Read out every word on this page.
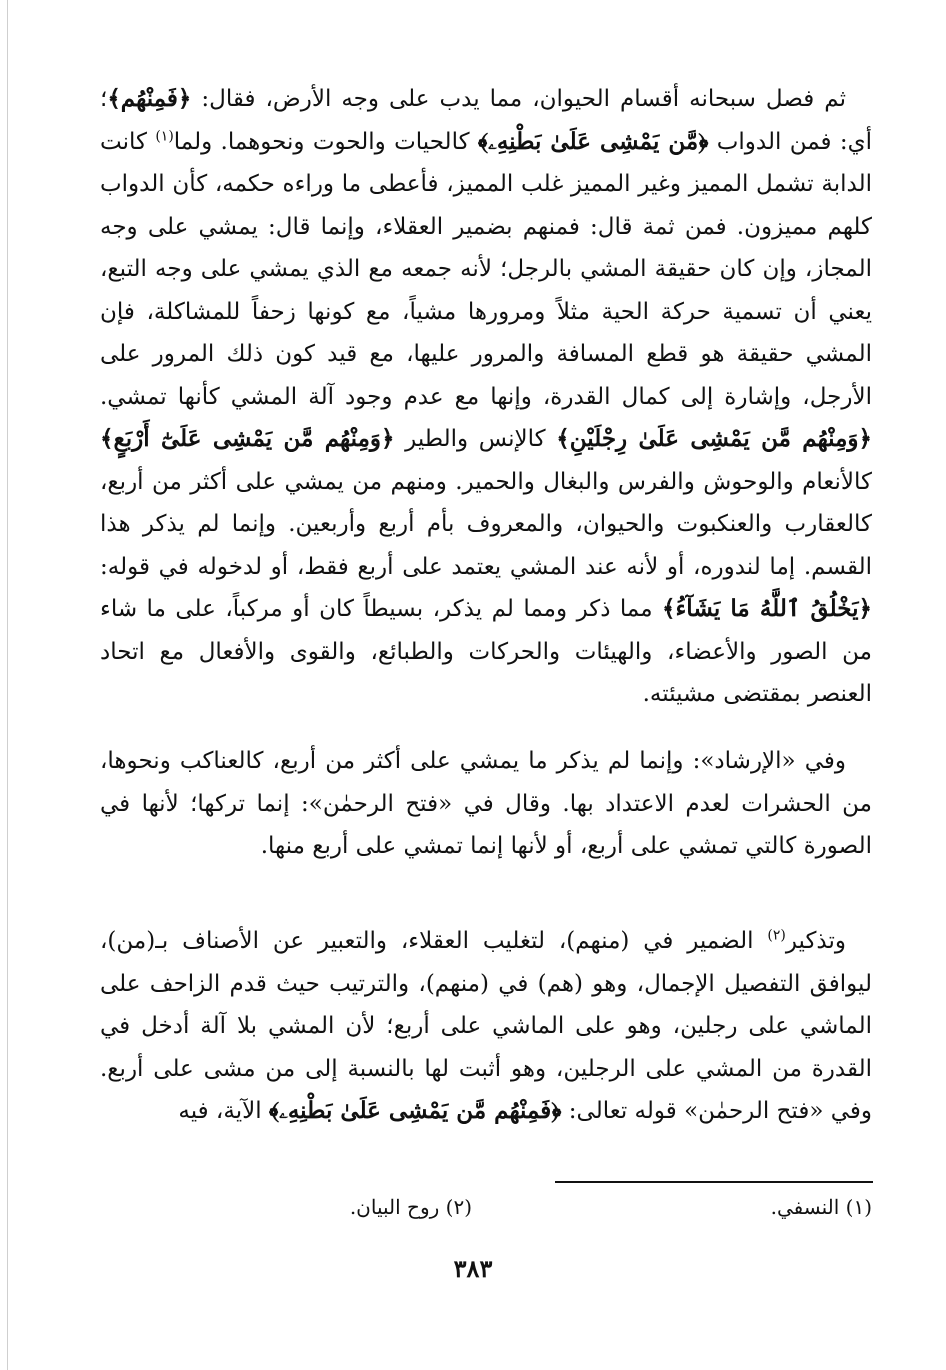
ثم فصل سبحانه أقسام الحيوان، مما يدب على وجه الأرض، فقال: ﴿فَمِنْهُم﴾؛ أي: فمن الدواب ﴿مَّن يَمْشِى عَلَىٰ بَطْنِهِۦ﴾ كالحيات والحوت ونحوهما. ولما$^{(١)}$ كانت الدابة تشمل المميز وغير المميز غلب المميز، فأعطى ما وراءه حكمه، كأن الدواب كلهم مميزون. فمن ثمة قال: فمنهم بضمير العقلاء، وإنما قال: يمشي على وجه المجاز، وإن كان حقيقة المشي بالرجل؛ لأنه جمعه مع الذي يمشي على وجه التبع، يعني أن تسمية حركة الحية مثلاً ومرورها مشياً، مع كونها زحفاً للمشاكلة، فإن المشي حقيقة هو قطع المسافة والمرور عليها، مع قيد كون ذلك المرور على الأرجل، وإشارة إلى كمال القدرة، وإنها مع عدم وجود آلة المشي كأنها تمشي. ﴿وَمِنْهُم مَّن يَمْشِى عَلَىٰ رِجْلَيْنِ﴾ كالإنس والطير ﴿وَمِنْهُم مَّن يَمْشِى عَلَىٰٓ أَرْبَعٍ﴾ كالأنعام والوحوش والفرس والبغال والحمير. ومنهم من يمشي على أكثر من أربع، كالعقارب والعنكبوت والحيوان، والمعروف بأم أربع وأربعين. وإنما لم يذكر هذا القسم. إما لندوره، أو لأنه عند المشي يعتمد على أربع فقط، أو لدخوله في قوله: ﴿يَخْلُقُ ٱللَّهُ مَا يَشَآءُ﴾ مما ذكر ومما لم يذكر، بسيطاً كان أو مركباً، على ما شاء من الصور والأعضاء، والهيئات والحركات والطبائع، والقوى والأفعال مع اتحاد العنصر بمقتضى مشيئته.

وفي «الإرشاد»: وإنما لم يذكر ما يمشي على أكثر من أربع، كالعناكب ونحوها، من الحشرات لعدم الاعتداد بها. وقال في «فتح الرحمٰن»: إنما تركها؛ لأنها في الصورة كالتي تمشي على أربع، أو لأنها إنما تمشي على أربع منها.

وتذكير$^{(٢)}$ الضمير في (منهم)، لتغليب العقلاء، والتعبير عن الأصناف بـ(من)، ليوافق التفصيل الإجمال، وهو (هم) في (منهم)، والترتيب حيث قدم الزاحف على الماشي على رجلين، وهو على الماشي على أربع؛ لأن المشي بلا آلة أدخل في القدرة من المشي على الرجلين، وهو أثبت لها بالنسبة إلى من مشى على أربع. وفي «فتح الرحمٰن» قوله تعالى: ﴿فَمِنْهُم مَّن يَمْشِى عَلَىٰ بَطْنِهِۦ﴾ الآية، فيه

(١) النسفي.
(٢) روح البيان.
٣٨٣
